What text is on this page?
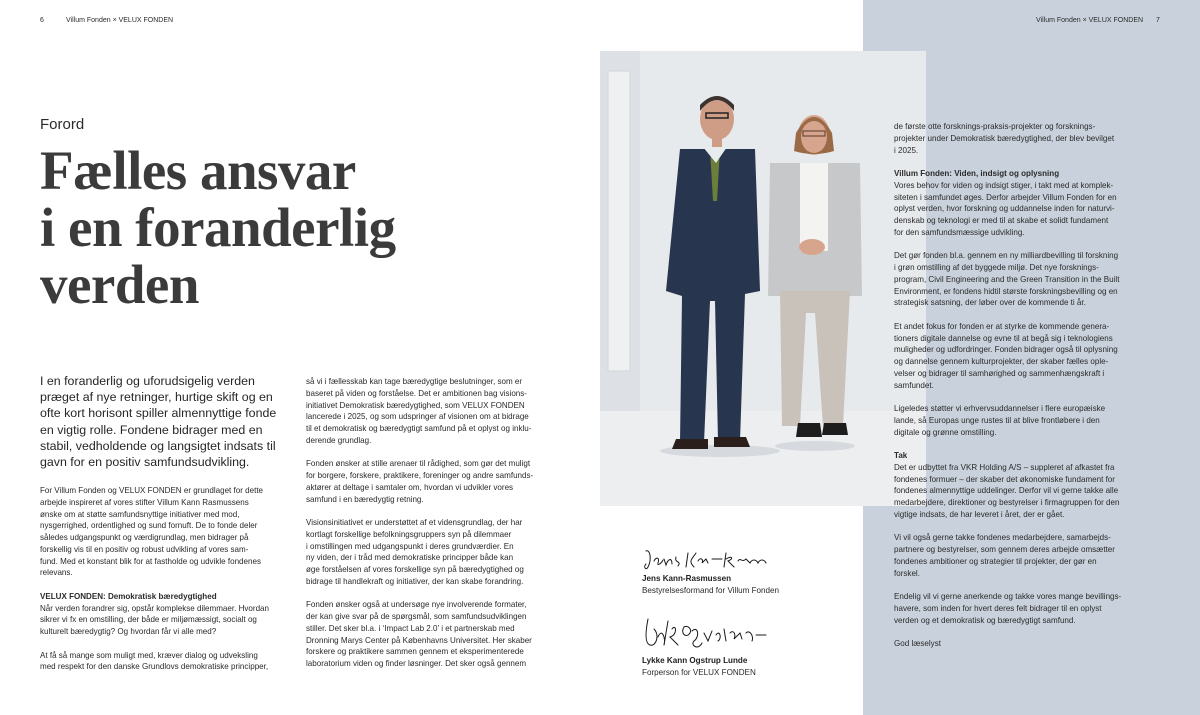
6	Villum Fonden × VELUX FONDEN	Villum Fonden × VELUX FONDEN 7
Forord
Fælles ansvar
i en foranderlig
verden

I en foranderlig og uforudsigelig verden præget af nye retninger, hurtige skift og en ofte kort horisont spiller almennyttige fonde en vigtig rolle. Fondene bidrager med en stabil, vedholdende og langsigtet indsats til gavn for en positiv samfundsudvikling.

For Villum Fonden og VELUX FONDEN er grundlaget for dette
arbejde inspireret af vores stifter Villum Kann Rasmussens
ønske om at støtte samfundsnyttige initiativer med mod,
nysgerrighed, ordentlighed og sund fornuft. De to fonde deler
således udgangspunkt og værdigrundlag, men bidrager på
forskellig vis til en positiv og robust udvikling af vores sam-
fund. Med et konstant blik for at fastholde og udvikle fondenes
relevans.

VELUX FONDEN: Demokratisk bæredygtighed
Når verden forandrer sig, opstår komplekse dilemmaer. Hvordan
sikrer vi fx en omstilling, der både er miljømæssigt, socialt og
kulturelt bæredygtig? Og hvordan får vi alle med?

At få så mange som muligt med, kræver dialog og udveksling
med respekt for den danske Grundlovs demokratiske principper,

så vi i fællesskab kan tage bæredygtige beslutninger, som er
baseret på viden og forståelse. Det er ambitionen bag visions-
initiativet Demokratisk bæredygtighed, som VELUX FONDEN
lancerede i 2025, og som udspringer af visionen om at bidrage
til et demokratisk og bæredygtigt samfund på et oplyst og inklu-
derende grundlag.

Fonden ønsker at stille arenaer til rådighed, som gør det muligt
for borgere, forskere, praktikere, foreninger og andre samfunds-
aktører at deltage i samtaler om, hvordan vi udvikler vores
samfund i en bæredygtig retning.

Visionsinitiativet er understøttet af et vidensgrundlag, der har
kortlagt forskellige befolkningsgruppers syn på dilemmaer
i omstillingen med udgangspunkt i deres grundværdier. En
ny viden, der i tråd med demokratiske principper både kan
øge forståelsen af vores forskellige syn på bæredygtighed og
bidrage til handlekraft og initiativer, der kan skabe forandring.

Fonden ønsker også at undersøge nye involverende formater,
der kan give svar på de spørgsmål, som samfundsudviklingen
stiller. Det sker bl.a. i ‘Impact Lab 2.0’ i et partnerskab med
Dronning Marys Center på Københavns Universitet. Her skaber
forskere og praktikere sammen gennem et eksperimenterede
laboratorium viden og finder løsninger. Det sker også gennem

de første otte forsknings-praksis-projekter og forsknings-
projekter under Demokratisk bæredygtighed, der blev bevilget
i 2025.

Villum Fonden: Viden, indsigt og oplysning
Vores behov for viden og indsigt stiger, i takt med at komplek-
siteten i samfundet øges. Derfor arbejder Villum Fonden for en
oplyst verden, hvor forskning og uddannelse inden for naturvi-
denskab og teknologi er med til at skabe et solidt fundament
for den samfundsmæssige udvikling.

Det gør fonden bl.a. gennem en ny milliardbevilling til forskning
i grøn omstilling af det byggede miljø. Det nye forsknings-
program, Civil Engineering and the Green Transition in the Built
Environment, er fondens hidtil største forskningsbevilling og en
strategisk satsning, der løber over de kommende ti år.

Et andet fokus for fonden er at styrke de kommende genera-
tioners digitale dannelse og evne til at begå sig i teknologiens
muligheder og udfordringer. Fonden bidrager også til oplysning
og dannelse gennem kulturprojekter, der skaber fælles ople-
velser og bidrager til samhørighed og sammenhængskraft i
samfundet.

Ligeledes støtter vi erhvervsuddannelser i flere europæiske
lande, så Europas unge rustes til at blive frontløbere i den
digitale og grønne omstilling.

Tak
Det er udbyttet fra VKR Holding A/S – suppleret af afkastet fra
fondenes formuer – der skaber det økonomiske fundament for
fondenes almennyttige uddelinger. Derfor vil vi gerne takke alle
medarbejdere, direktioner og bestyrelser i firmagruppen for den
vigtige indsats, de har leveret i året, der er gået.

Vi vil også gerne takke fondenes medarbejdere, samarbejds-
partnere og bestyrelser, som gennem deres arbejde omsætter
fondenes ambitioner og strategier til projekter, der gør en
forskel.

Endelig vil vi gerne anerkende og takke vores mange bevillings-
havere, som inden for hvert deres felt bidrager til en oplyst
verden og et demokratisk og bæredygtigt samfund.

God læselyst

Jens Kann-Rasmussen
Bestyrelsesformand for Villum Fonden
Lykke Kann Ogstrup Lunde
Forperson for VELUX FONDEN
